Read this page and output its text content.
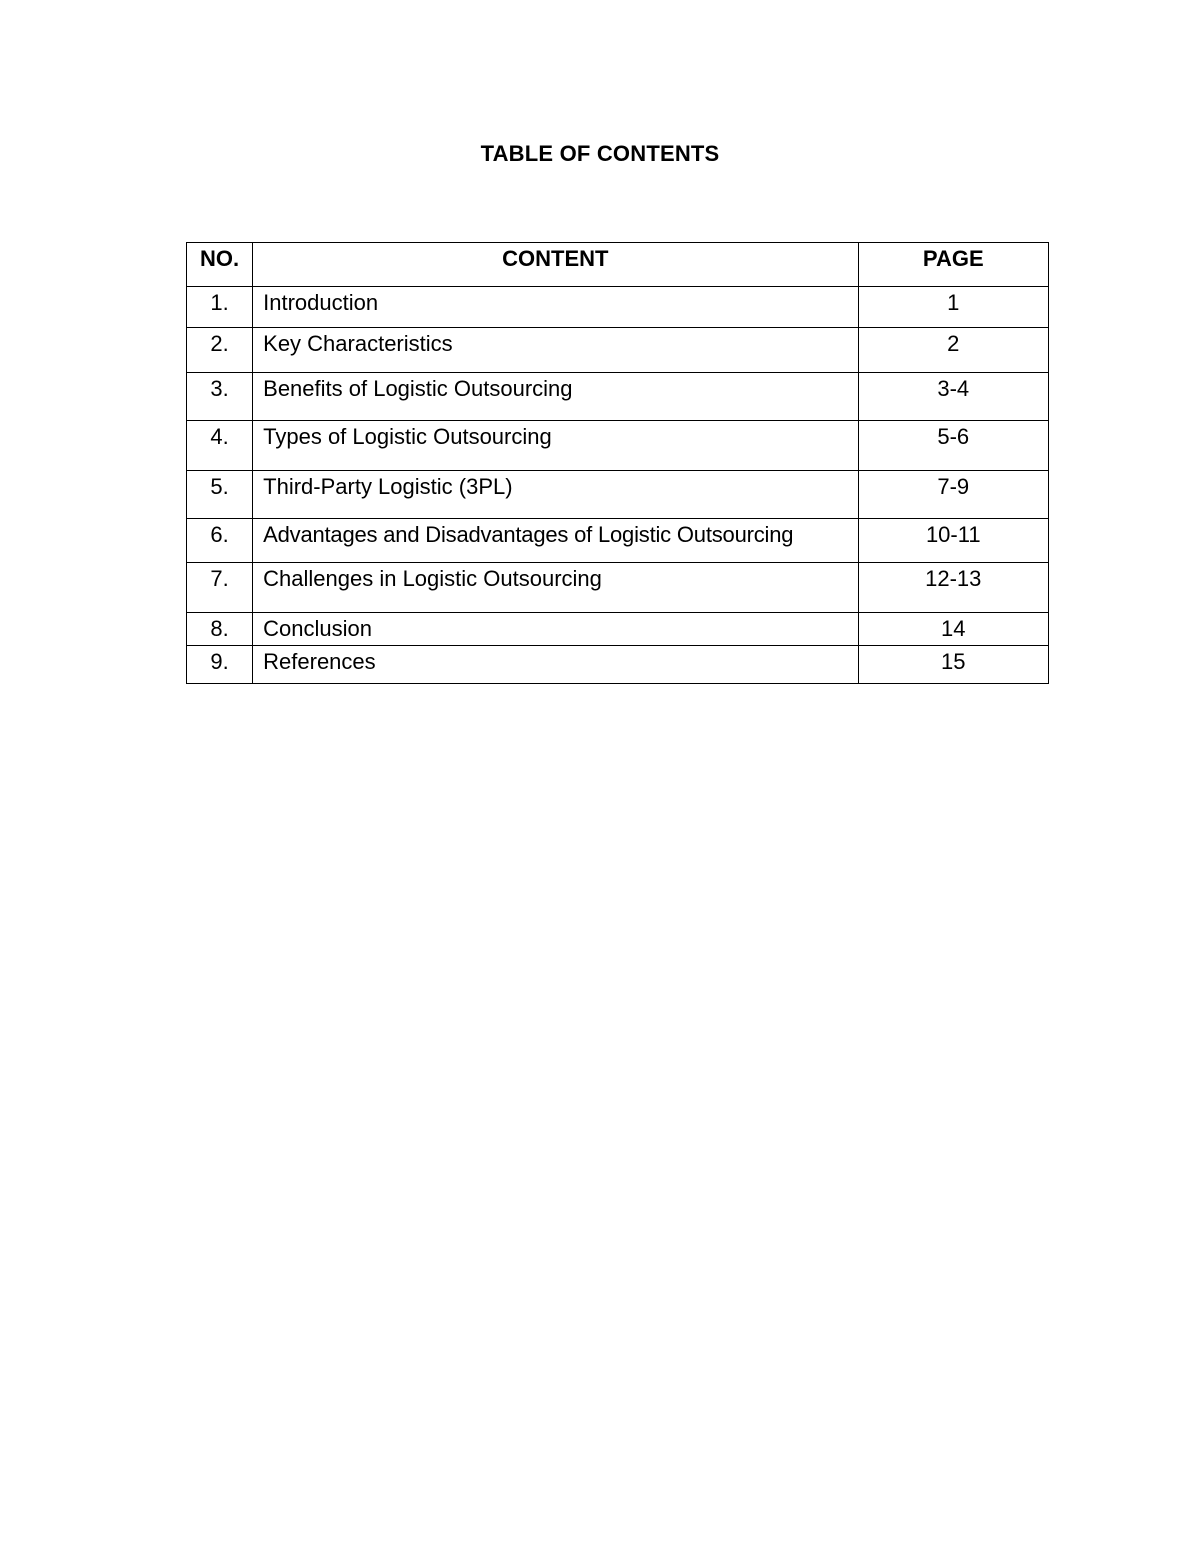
TABLE OF CONTENTS
NO.	CONTENT	PAGE
1.	Introduction	1
2.	Key Characteristics	2
3.	Benefits of Logistic Outsourcing	3-4
4.	Types of Logistic Outsourcing	5-6
5.	Third-Party Logistic (3PL)	7-9
6.	Advantages and Disadvantages of Logistic Outsourcing	10-11
7.	Challenges in Logistic Outsourcing	12-13
8.	Conclusion	14
9.	References	15
